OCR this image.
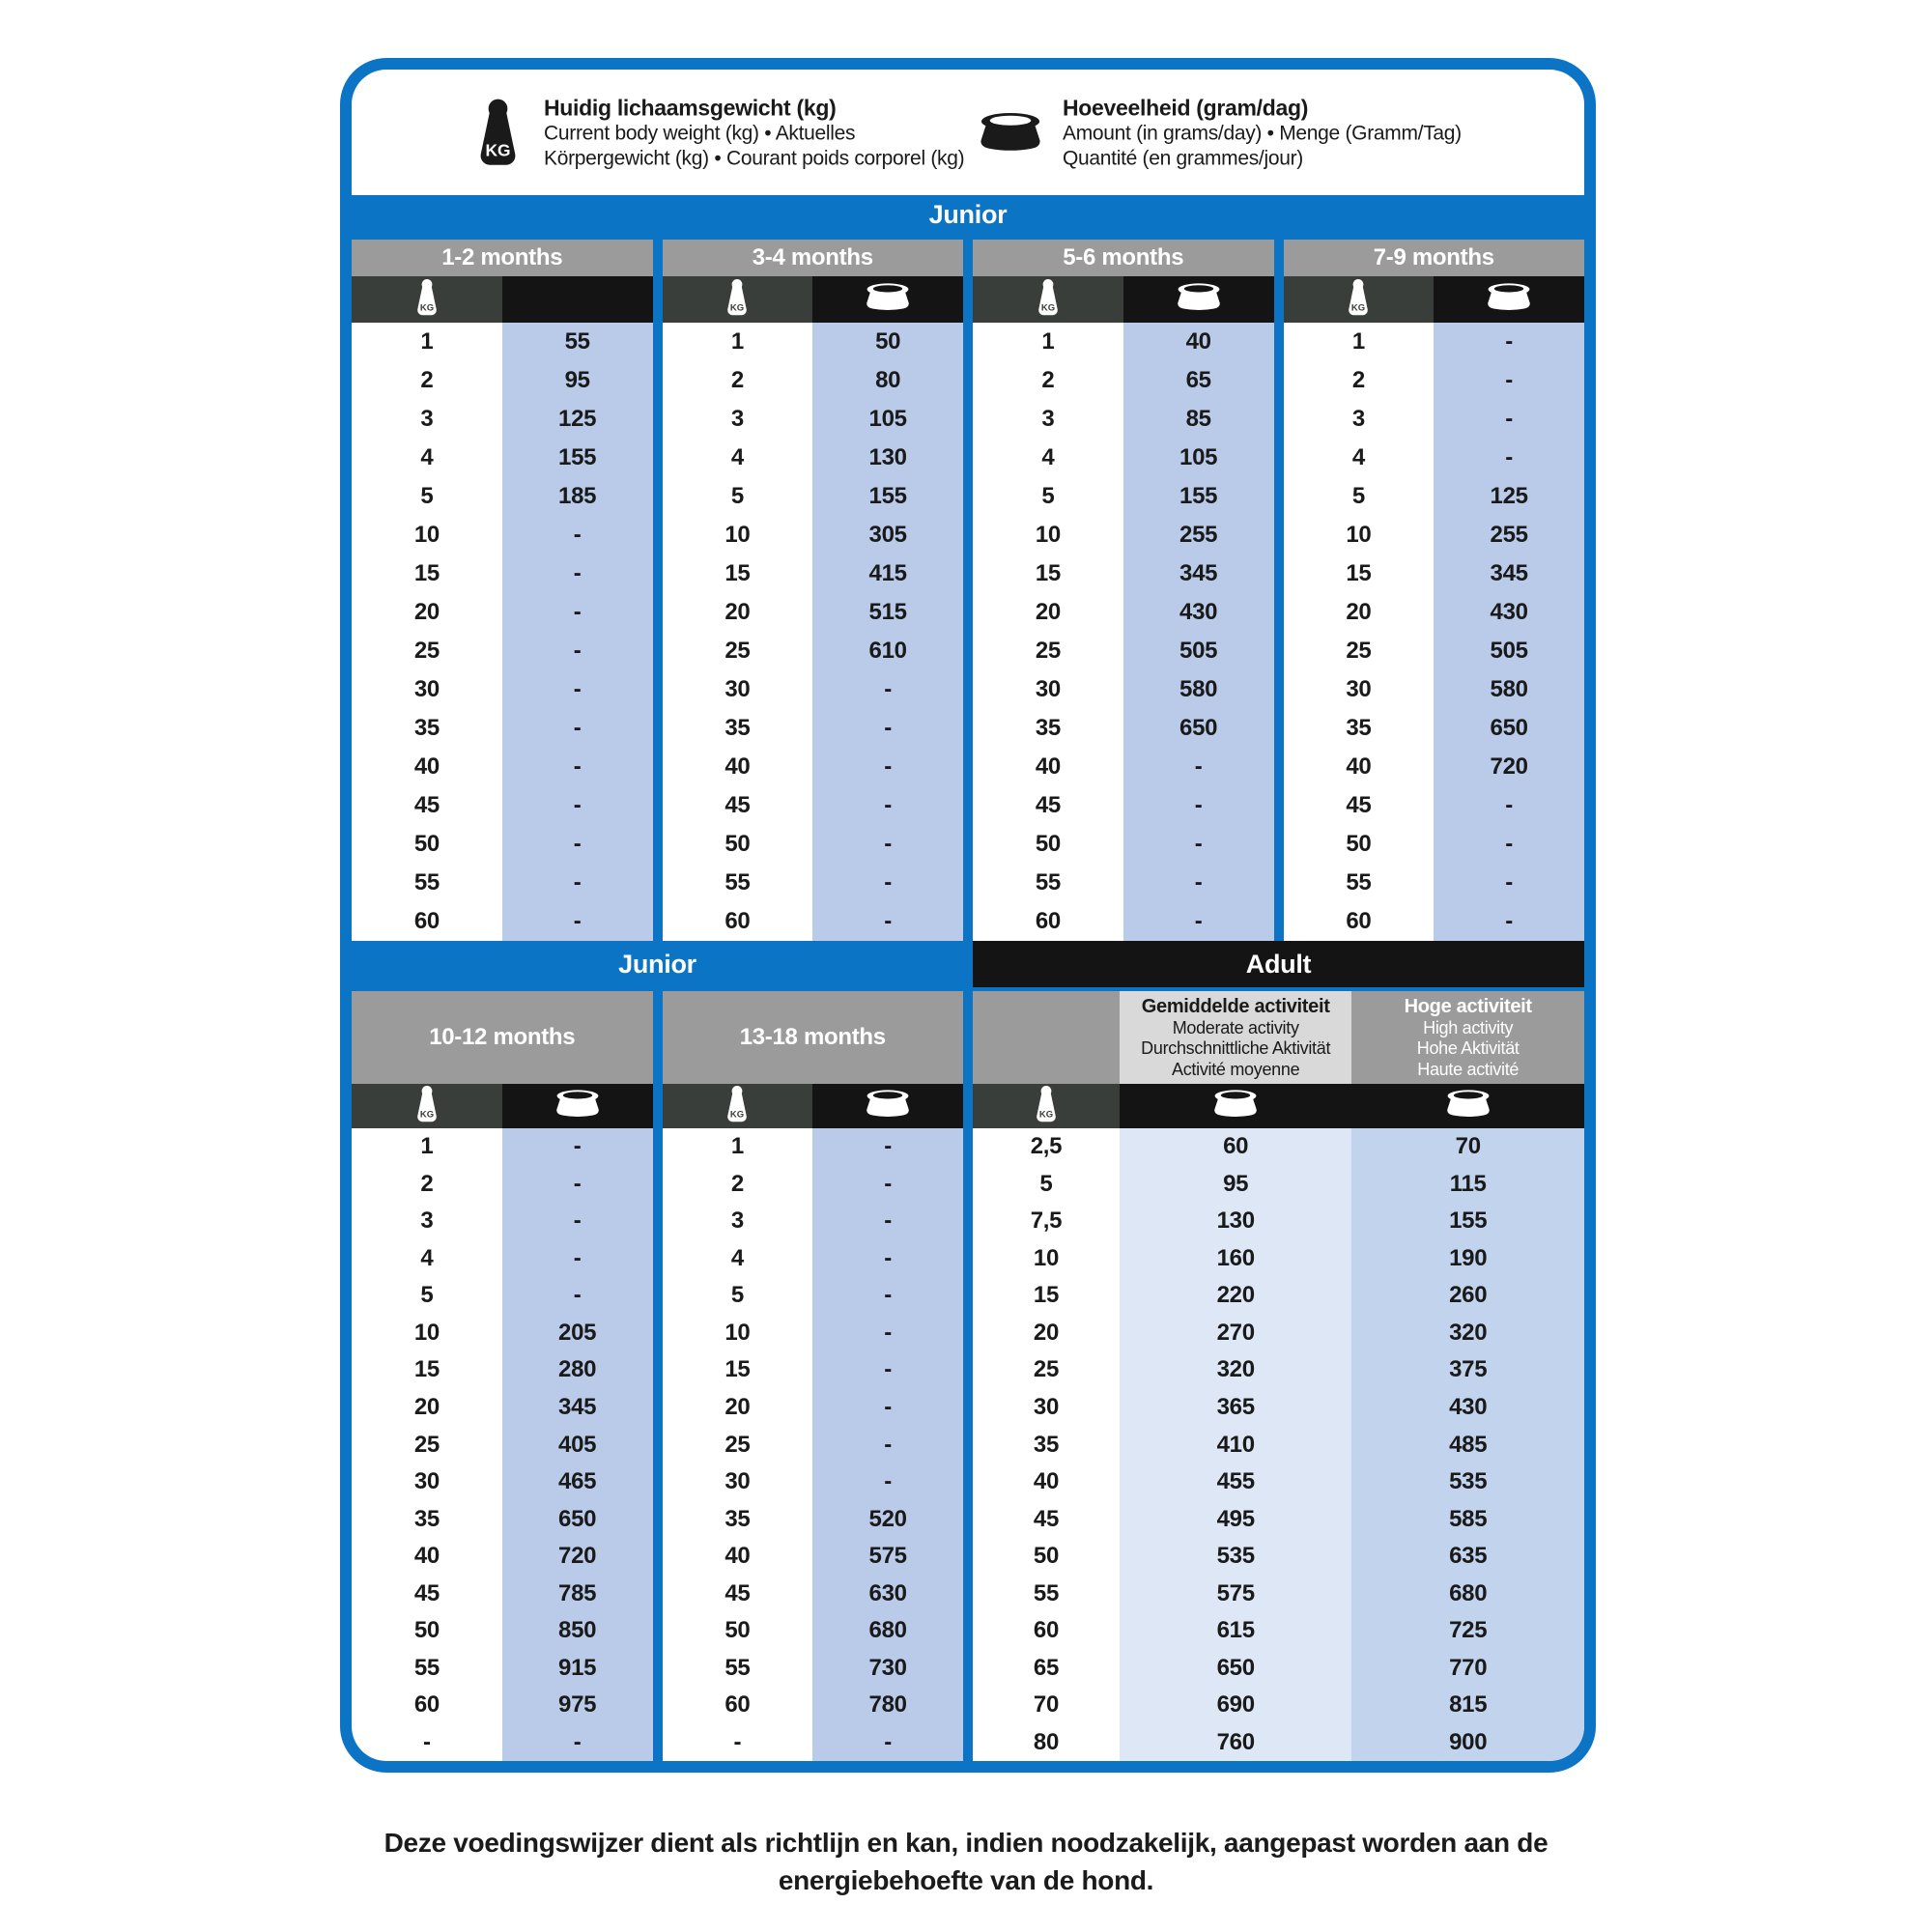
KG
Huidig lichaamsgewicht (kg)
Current body weight (kg) • Aktuelles
Körpergewicht (kg) • Courant poids corporel (kg)
Hoeveelheid (gram/dag)
Amount (in grams/day) • Menge (Gramm/Tag)
Quantité (en grammes/jour)
Junior
1-2 months
KG
1	55
2	95
3	125
4	155
5	185
10	-
15	-
20	-
25	-
30	-
35	-
40	-
45	-
50	-
55	-
60	-
3-4 months
KG
1	50
2	80
3	105
4	130
5	155
10	305
15	415
20	515
25	610
30	-
35	-
40	-
45	-
50	-
55	-
60	-
5-6 months
KG
1	40
2	65
3	85
4	105
5	155
10	255
15	345
20	430
25	505
30	580
35	650
40	-
45	-
50	-
55	-
60	-
7-9 months
KG
1	-
2	-
3	-
4	-
5	125
10	255
15	345
20	430
25	505
30	580
35	650
40	720
45	-
50	-
55	-
60	-
Junior	Adult
10-12 months
KG
1	-
2	-
3	-
4	-
5	-
10	205
15	280
20	345
25	405
30	465
35	650
40	720
45	785
50	850
55	915
60	975
-	-
13-18 months
KG
1	-
2	-
3	-
4	-
5	-
10	-
15	-
20	-
25	-
30	-
35	520
40	575
45	630
50	680
55	730
60	780
-	-
Gemiddelde activiteit
Moderate activity
Durchschnittliche Aktivität
Activité moyenne
Hoge activiteit
High activity
Hohe Aktivität
Haute activité
KG
2,5	60	70
5	95	115
7,5	130	155
10	160	190
15	220	260
20	270	320
25	320	375
30	365	430
35	410	485
40	455	535
45	495	585
50	535	635
55	575	680
60	615	725
65	650	770
70	690	815
80	760	900
Deze voedingswijzer dient als richtlijn en kan, indien noodzakelijk, aangepast worden aan de energiebehoefte van de hond.
